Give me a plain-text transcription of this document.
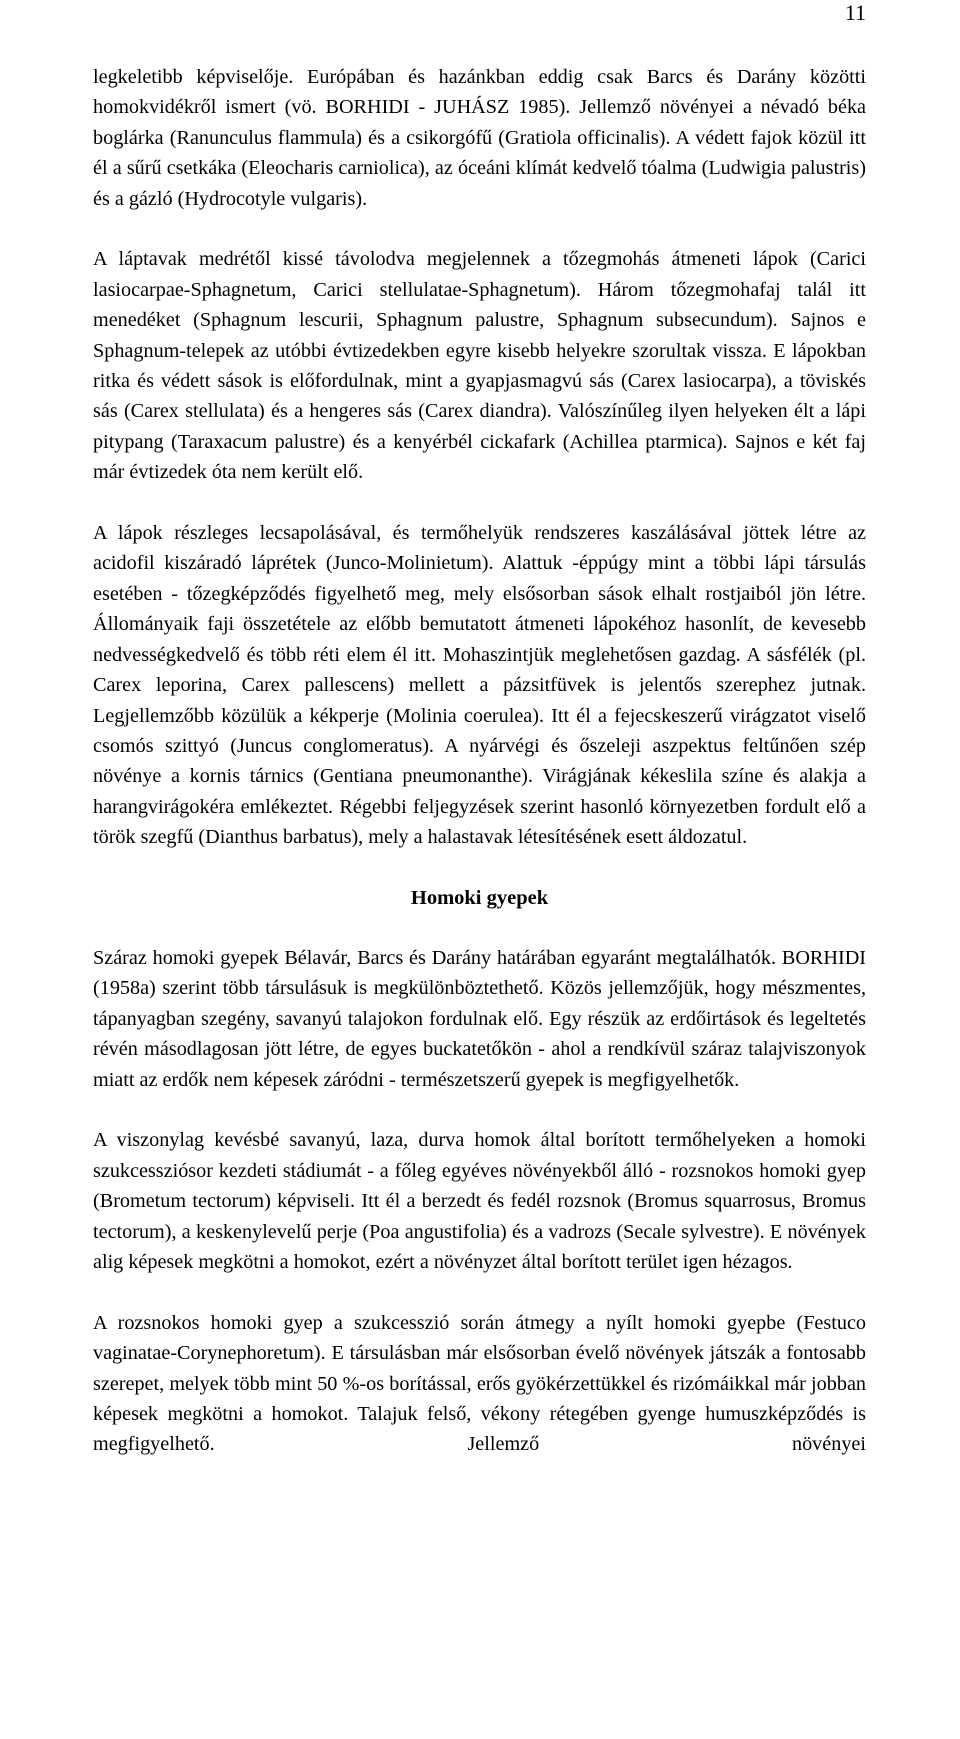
11

legkeletibb képviselője. Európában és hazánkban eddig csak Barcs és Darány közötti homokvidékről ismert (vö. BORHIDI - JUHÁSZ 1985). Jellemző növényei a névadó béka boglárka (Ranunculus flammula) és a csikorgófű (Gratiola officinalis). A védett fajok közül itt él a sűrű csetkáka (Eleocharis carniolica), az óceáni klímát kedvelő tóalma (Ludwigia palustris) és a gázló (Hydrocotyle vulgaris).

A láptavak medrétől kissé távolodva megjelennek a tőzegmohás átmeneti lápok (Carici lasiocarpae-Sphagnetum, Carici stellulatae-Sphagnetum). Három tőzegmohafaj talál itt menedéket (Sphagnum lescurii, Sphagnum palustre, Sphagnum subsecundum). Sajnos e Sphagnum-telepek az utóbbi évtizedekben egyre kisebb helyekre szorultak vissza. E lápokban ritka és védett sások is előfordulnak, mint a gyapjasmagvú sás (Carex lasiocarpa), a töviskés sás (Carex stellulata) és a hengeres sás (Carex diandra). Valószínűleg ilyen helyeken élt a lápi pitypang (Taraxacum palustre) és a kenyérbél cickafark (Achillea ptarmica). Sajnos e két faj már évtizedek óta nem került elő.

A lápok részleges lecsapolásával, és termőhelyük rendszeres kaszálásával jöttek létre az acidofil kiszáradó láprétek (Junco-Molinietum). Alattuk -éppúgy mint a többi lápi társulás esetében - tőzegképződés figyelhető meg, mely elsősorban sások elhalt rostjaiból jön létre. Állományaik faji összetétele az előbb bemutatott átmeneti lápokéhoz hasonlít, de kevesebb nedvességkedvelő és több réti elem él itt. Mohaszintjük meglehetősen gazdag. A sásfélék (pl. Carex leporina, Carex pallescens) mellett a pázsitfüvek is jelentős szerephez jutnak. Legjellemzőbb közülük a kékperje (Molinia coerulea). Itt él a fejecskeszerű virágzatot viselő csomós szittyó (Juncus conglomeratus). A nyárvégi és őszeleji aszpektus feltűnően szép növénye a kornis tárnics (Gentiana pneumonanthe). Virágjának kékeslila színe és alakja a harangvirágokéra emlékeztet. Régebbi feljegyzések szerint hasonló környezetben fordult elő a török szegfű (Dianthus barbatus), mely a halastavak létesítésének esett áldozatul.

Homoki gyepek

Száraz homoki gyepek Bélavár, Barcs és Darány határában egyaránt megtalálhatók. BORHIDI (1958a) szerint több társulásuk is megkülönböztethető. Közös jellemzőjük, hogy mészmentes, tápanyagban szegény, savanyú talajokon fordulnak elő. Egy részük az erdőirtások és legeltetés révén másodlagosan jött létre, de egyes buckatetőkön - ahol a rendkívül száraz talajviszonyok miatt az erdők nem képesek záródni - természetszerű gyepek is megfigyelhetők.

A viszonylag kevésbé savanyú, laza, durva homok által borított termőhelyeken a homoki szukcessziósor kezdeti stádiumát - a főleg egyéves növényekből álló - rozsnokos homoki gyep (Brometum tectorum) képviseli. Itt él a berzedt és fedél rozsnok (Bromus squarrosus, Bromus tectorum), a keskenylevelű perje (Poa angustifolia) és a vadrozs (Secale sylvestre). E növények alig képesek megkötni a homokot, ezért a növényzet által borított terület igen hézagos.

A rozsnokos homoki gyep a szukcesszió során átmegy a nyílt homoki gyepbe (Festuco vaginatae-Corynephoretum). E társulásban már elsősorban évelő növények játszák a fontosabb szerepet, melyek több mint 50 %-os borítással, erős gyökérzettükkel és rizómáikkal már jobban képesek megkötni a homokot. Talajuk felső, vékony rétegében gyenge humuszképződés is megfigyelhető. Jellemző növényei
